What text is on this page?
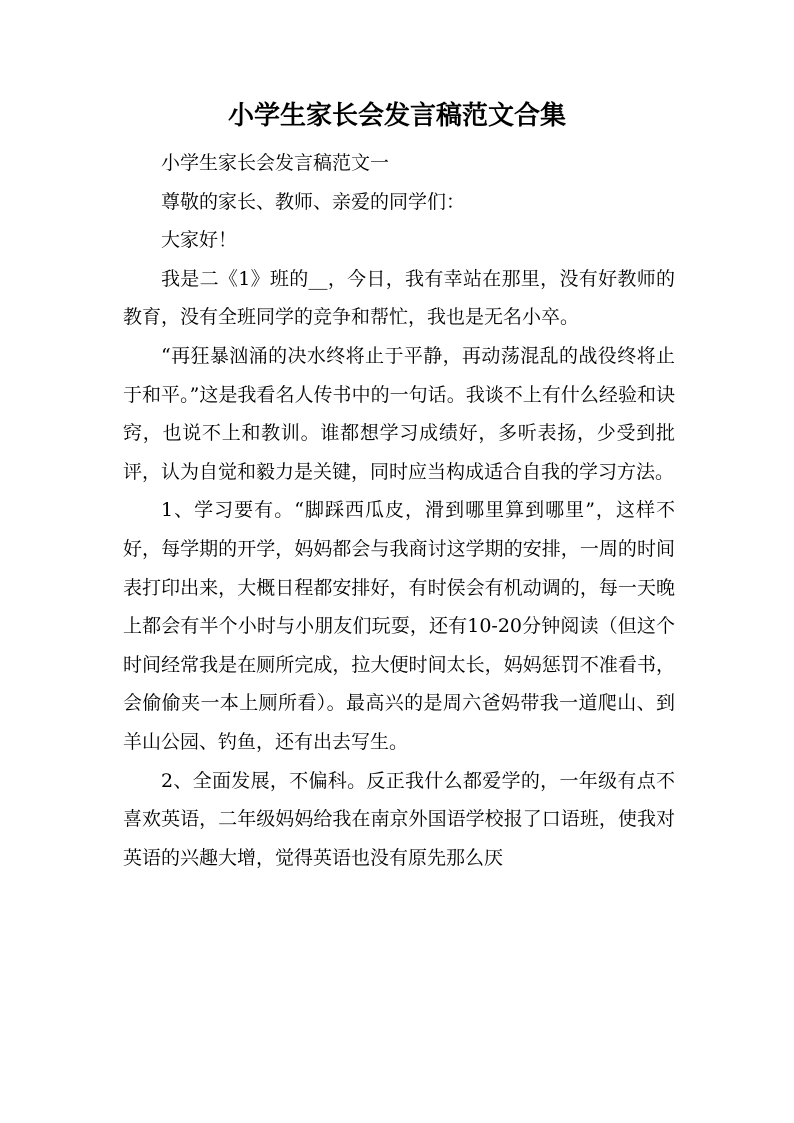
小学生家长会发言稿范文合集

小学生家长会发言稿范文一

尊敬的家长、教师、亲爱的同学们：

大家好！

我是二《1》班的__，今日，我有幸站在那里，没有好教师的教育，没有全班同学的竞争和帮忙，我也是无名小卒。

“再狂暴汹涌的决水终将止于平静，再动荡混乱的战役终将止于和平。”这是我看名人传书中的一句话。我谈不上有什么经验和诀窍，也说不上和教训。谁都想学习成绩好，多听表扬，少受到批评，认为自觉和毅力是关键，同时应当构成适合自我的学习方法。

1、学习要有。“脚踩西瓜皮，滑到哪里算到哪里”，这样不好，每学期的开学，妈妈都会与我商讨这学期的安排，一周的时间表打印出来，大概日程都安排好，有时侯会有机动调的，每一天晚上都会有半个小时与小朋友们玩耍，还有10-20分钟阅读（但这个时间经常我是在厕所完成，拉大便时间太长，妈妈惩罚不准看书，会偷偷夹一本上厕所看）。最高兴的是周六爸妈带我一道爬山、到羊山公园、钓鱼，还有出去写生。

2、全面发展，不偏科。反正我什么都爱学的，一年级有点不喜欢英语，二年级妈妈给我在南京外国语学校报了口语班，使我对英语的兴趣大增，觉得英语也没有原先那么厌
